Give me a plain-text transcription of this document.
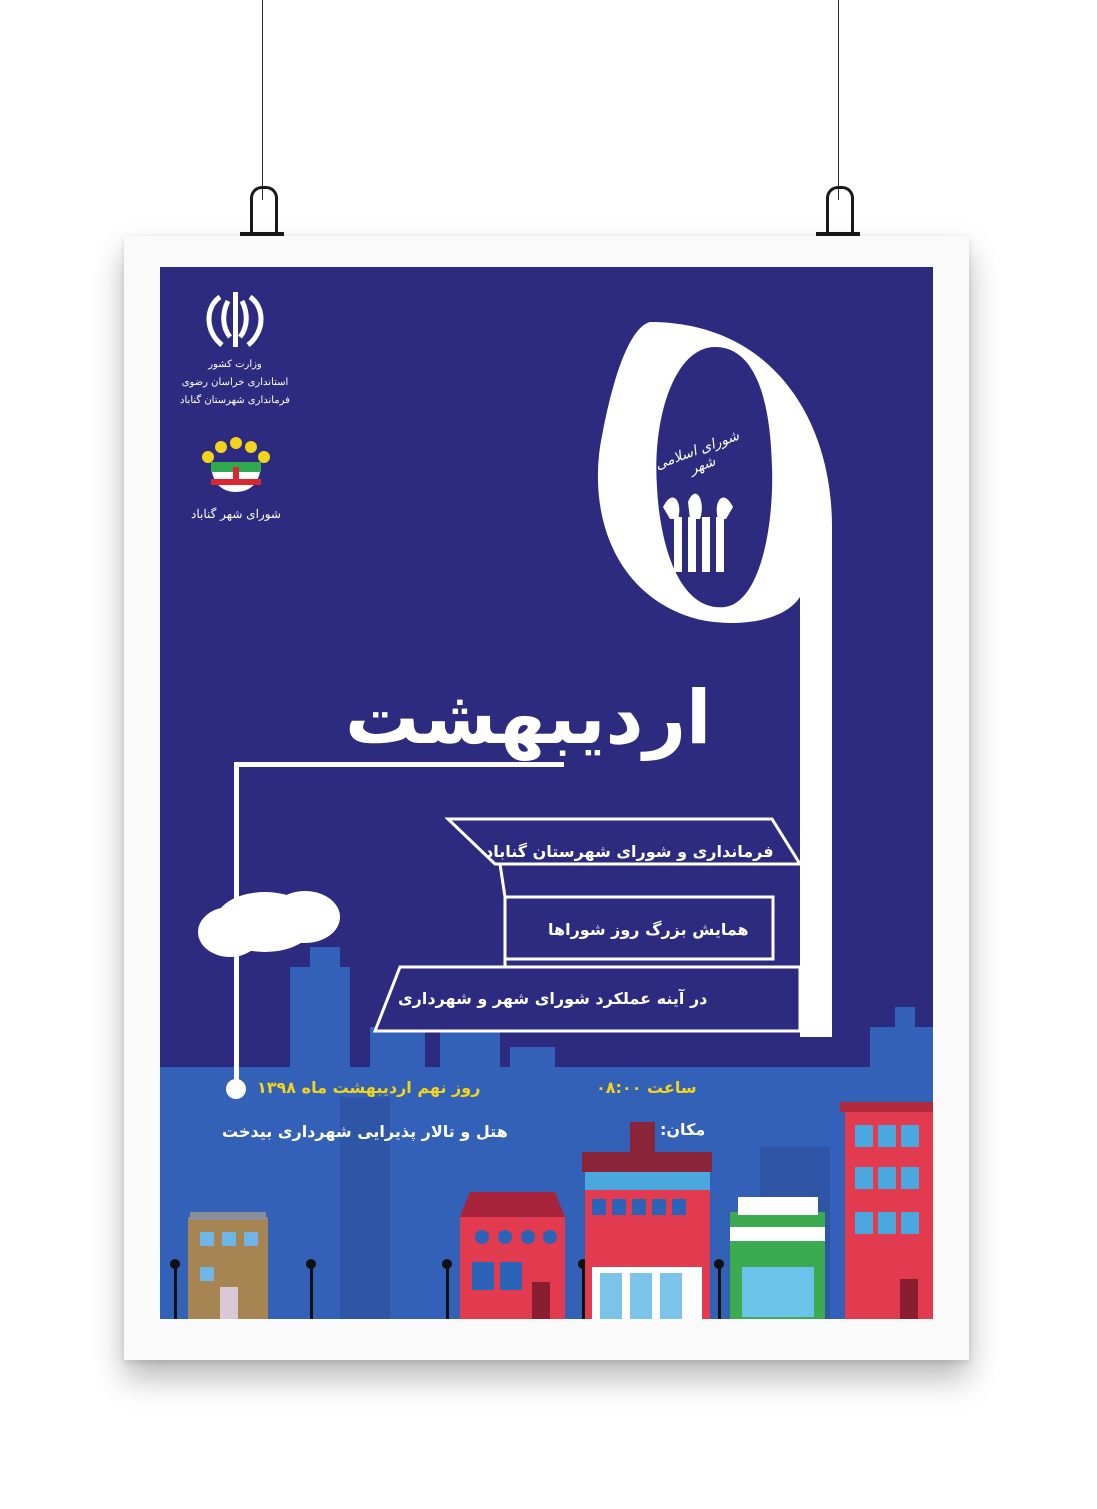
شورای اسلامی شهر
وزارت کشور
استانداری خراسان رضوی
فرمانداری شهرستان گناباد
شورای شهر گناباد
اردیبهشت
فرمانداری و شورای شهرستان گناباد
همایش بزرگ روز شوراها
در آینه عملکرد شورای شهر و شهرداری
روز نهم اردیبهشت ماه ۱۳۹۸	ساعت ۰۸:۰۰
مکان:
هتل و تالار پذیرایی شهرداری بیدخت
